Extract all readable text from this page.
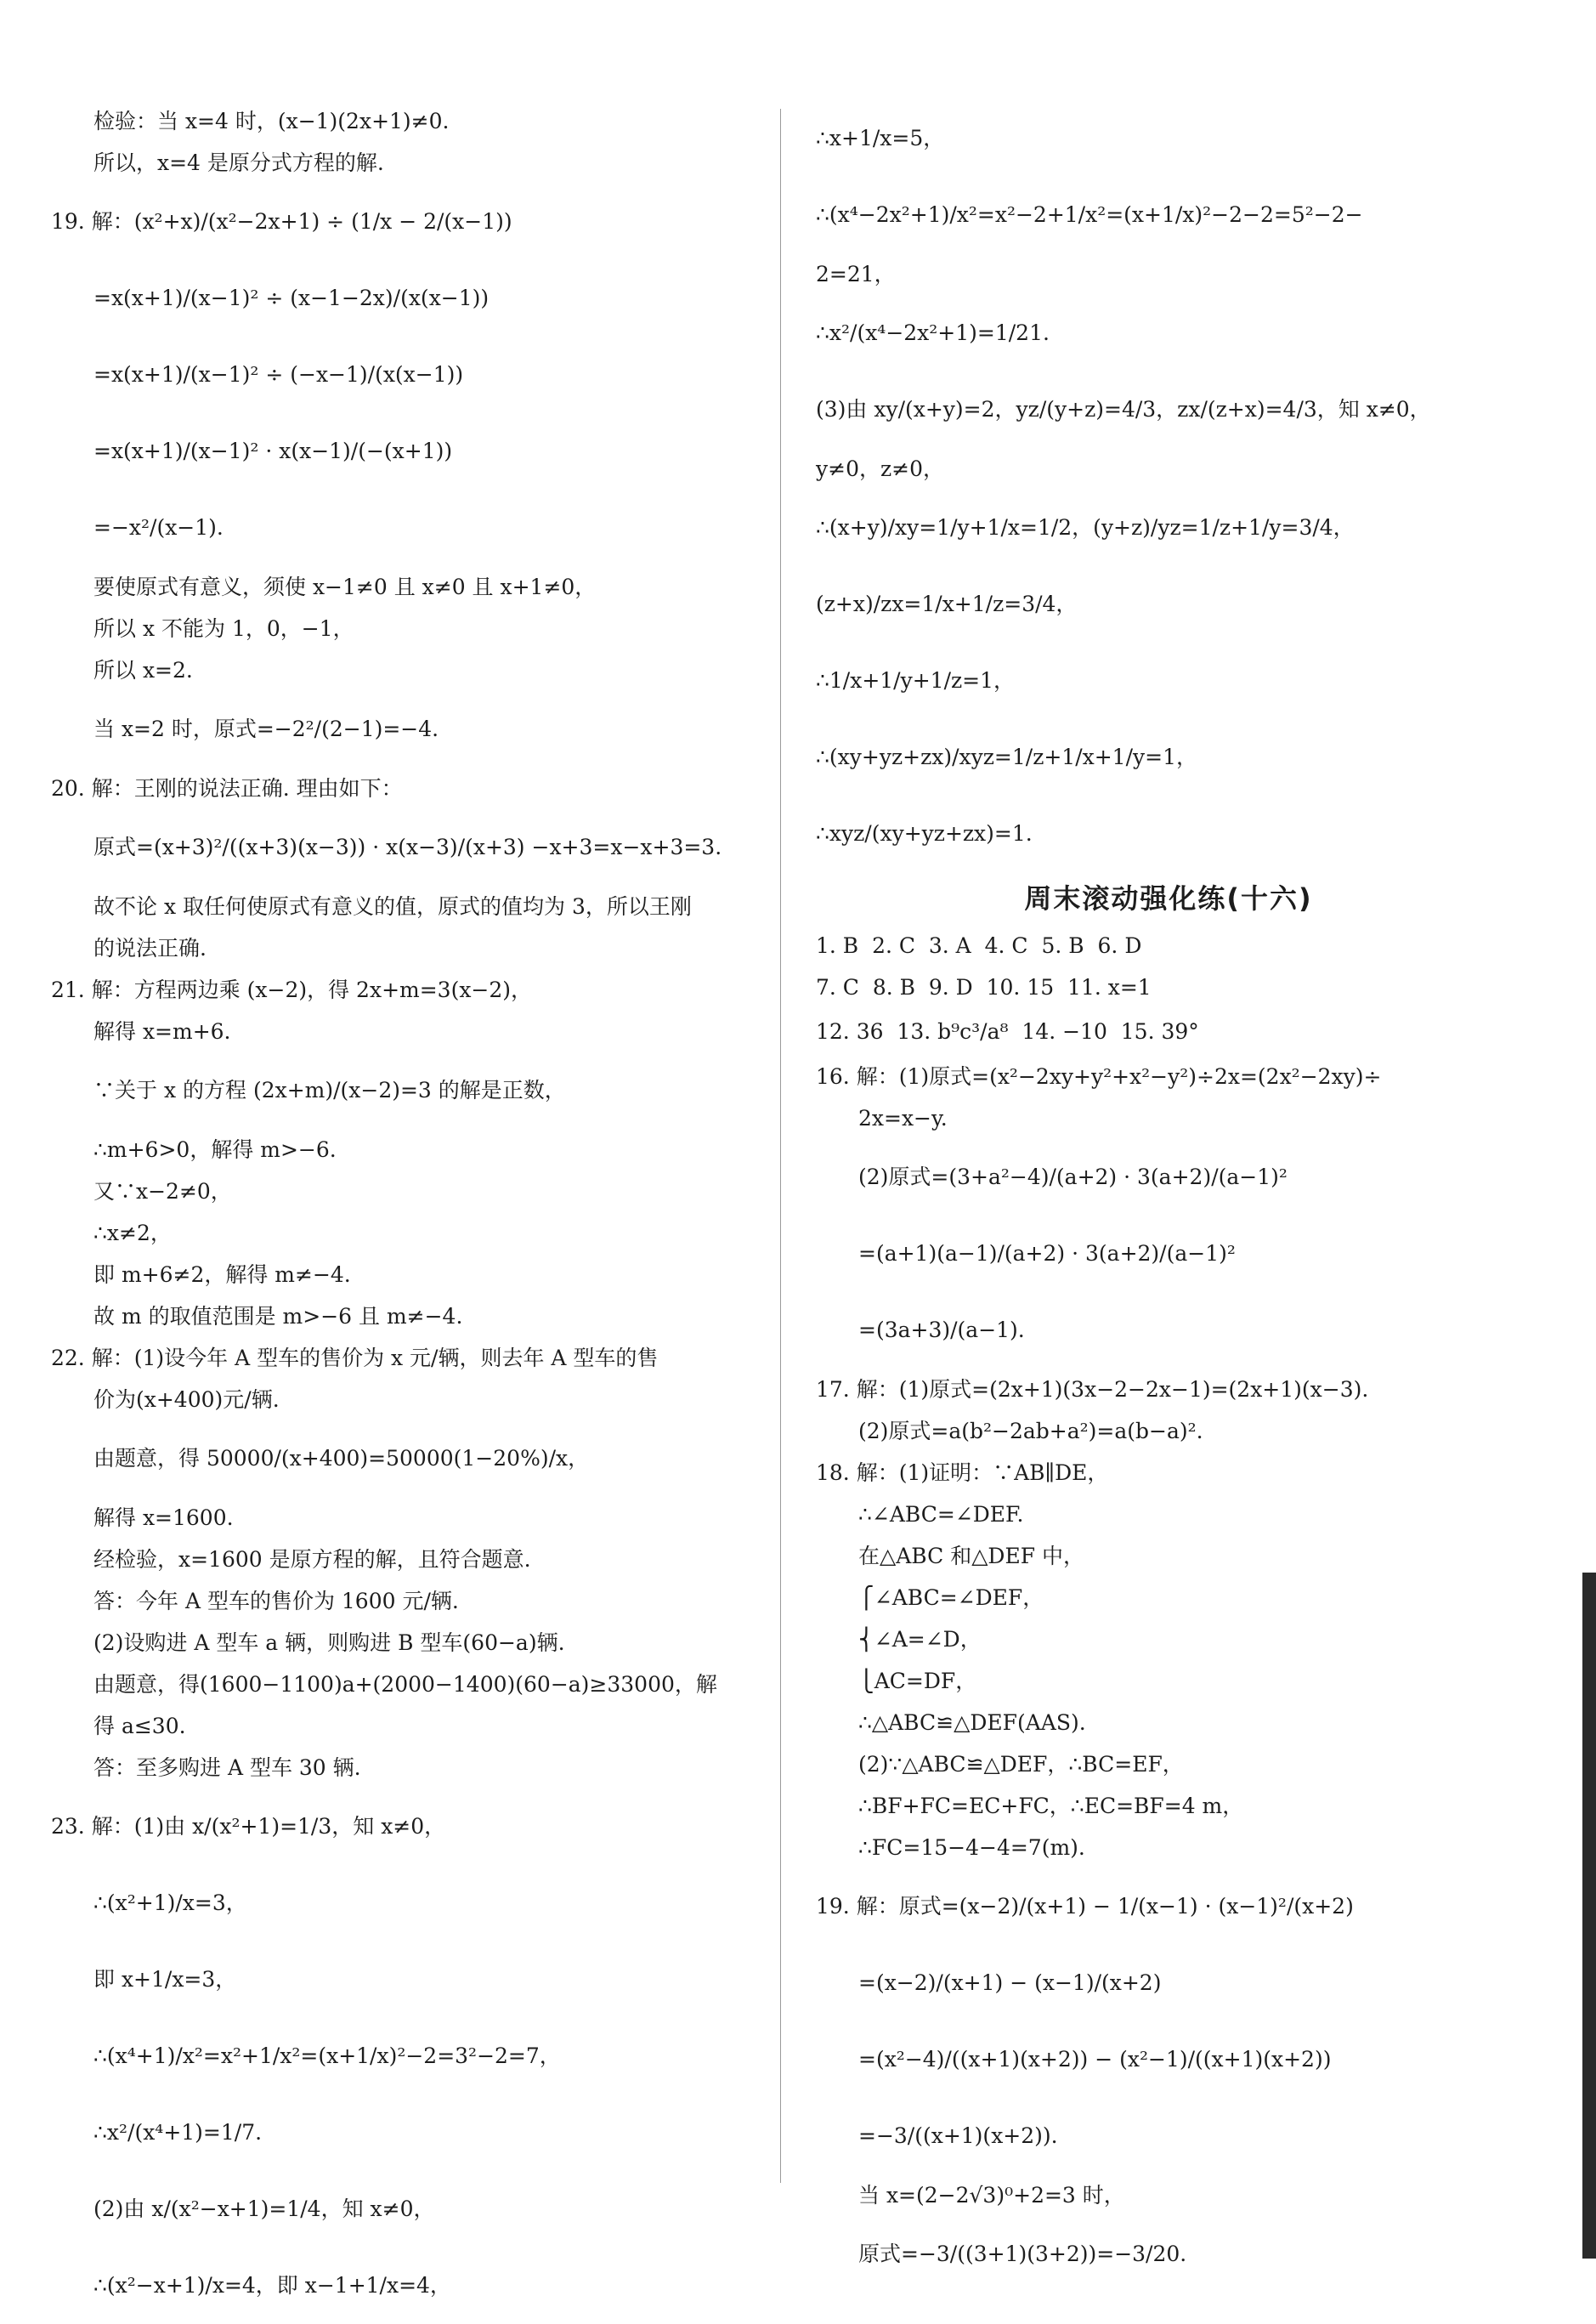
检验：当 x=4 时，(x−1)(2x+1)≠0.
所以，x=4 是原分式方程的解.
19. 解：(x²+x)/(x²−2x+1) ÷ (1/x − 2/(x−1))
=x(x+1)/(x−1)² ÷ (x−1−2x)/(x(x−1))
=x(x+1)/(x−1)² ÷ (−x−1)/(x(x−1))
=x(x+1)/(x−1)² · x(x−1)/(−(x+1))
=−x²/(x−1).
要使原式有意义，须使 x−1≠0 且 x≠0 且 x+1≠0，
所以 x 不能为 1，0，−1，
所以 x=2.
当 x=2 时，原式=−2²/(2−1)=−4.
20. 解：王刚的说法正确. 理由如下：
原式=(x+3)²/((x+3)(x−3)) · x(x−3)/(x+3) −x+3=x−x+3=3.
故不论 x 取任何使原式有意义的值，原式的值均为 3，所以王刚
的说法正确.
21. 解：方程两边乘 (x−2)，得 2x+m=3(x−2)，
解得 x=m+6.
∵关于 x 的方程 (2x+m)/(x−2)=3 的解是正数，
∴m+6>0，解得 m>−6.
又∵x−2≠0，
∴x≠2，
即 m+6≠2，解得 m≠−4.
故 m 的取值范围是 m>−6 且 m≠−4.
22. 解：(1)设今年 A 型车的售价为 x 元/辆，则去年 A 型车的售
价为(x+400)元/辆.
由题意，得 50000/(x+400)=50000(1−20%)/x，
解得 x=1600.
经检验，x=1600 是原方程的解，且符合题意.
答：今年 A 型车的售价为 1600 元/辆.
(2)设购进 A 型车 a 辆，则购进 B 型车(60−a)辆.
由题意，得(1600−1100)a+(2000−1400)(60−a)≥33000，解
得 a≤30.
答：至多购进 A 型车 30 辆.
23. 解：(1)由 x/(x²+1)=1/3，知 x≠0，
∴(x²+1)/x=3，
即 x+1/x=3，
∴(x⁴+1)/x²=x²+1/x²=(x+1/x)²−2=3²−2=7，
∴x²/(x⁴+1)=1/7.
(2)由 x/(x²−x+1)=1/4，知 x≠0，
∴(x²−x+1)/x=4，即 x−1+1/x=4，
∴x+1/x=5，
∴(x⁴−2x²+1)/x²=x²−2+1/x²=(x+1/x)²−2−2=5²−2−
2=21，
∴x²/(x⁴−2x²+1)=1/21.
(3)由 xy/(x+y)=2，yz/(y+z)=4/3，zx/(z+x)=4/3，知 x≠0，
y≠0，z≠0，
∴(x+y)/xy=1/y+1/x=1/2，(y+z)/yz=1/z+1/y=3/4，
(z+x)/zx=1/x+1/z=3/4，
∴1/x+1/y+1/z=1，
∴(xy+yz+zx)/xyz=1/z+1/x+1/y=1，
∴xyz/(xy+yz+zx)=1.
周末滚动强化练(十六)
1. B  2. C  3. A  4. C  5. B  6. D
7. C  8. B  9. D  10. 15  11. x=1
12. 36  13. b⁹c³/a⁸  14. −10  15. 39°
16. 解：(1)原式=(x²−2xy+y²+x²−y²)÷2x=(2x²−2xy)÷
2x=x−y.
(2)原式=(3+a²−4)/(a+2) · 3(a+2)/(a−1)²
=(a+1)(a−1)/(a+2) · 3(a+2)/(a−1)²
=(3a+3)/(a−1).
17. 解：(1)原式=(2x+1)(3x−2−2x−1)=(2x+1)(x−3).
(2)原式=a(b²−2ab+a²)=a(b−a)².
18. 解：(1)证明：∵AB∥DE，
∴∠ABC=∠DEF.
在△ABC 和△DEF 中，
⎧∠ABC=∠DEF，
⎨∠A=∠D，
⎩AC=DF，
∴△ABC≌△DEF(AAS).
(2)∵△ABC≌△DEF，∴BC=EF，
∴BF+FC=EC+FC，∴EC=BF=4 m，
∴FC=15−4−4=7(m).
19. 解：原式=(x−2)/(x+1) − 1/(x−1) · (x−1)²/(x+2)
=(x−2)/(x+1) − (x−1)/(x+2)
=(x²−4)/((x+1)(x+2)) − (x²−1)/((x+1)(x+2))
=−3/((x+1)(x+2)).
当 x=(2−2√3)⁰+2=3 时，
原式=−3/((3+1)(3+2))=−3/20.
